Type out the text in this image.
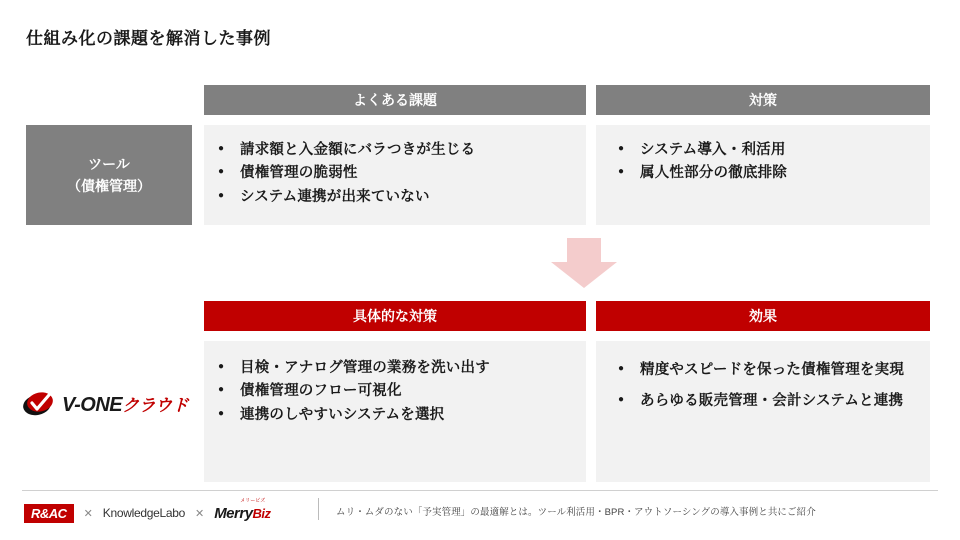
仕組み化の課題を解消した事例
よくある課題	対策
ツール
（債権管理）
● 請求額と入金額にバラつきが生じる
● 債権管理の脆弱性
● システム連携が出来ていない
● システム導入・利活用
● 属人性部分の徹底排除
具体的な対策	効果
V-ONEクラウド
● 目検・アナログ管理の業務を洗い出す
● 債権管理のフロー可視化
● 連携のしやすいシステムを選択
● 精度やスピードを保った債権管理を実現
● あらゆる販売管理・会計システムと連携
R&AC	✕ KnowledgeLabo ✕
メリービズ
MerryBiz	ムリ・ムダのない「予実管理」の最適解とは。ツール利活用・BPR・アウトソーシングの導入事例と共にご紹介
